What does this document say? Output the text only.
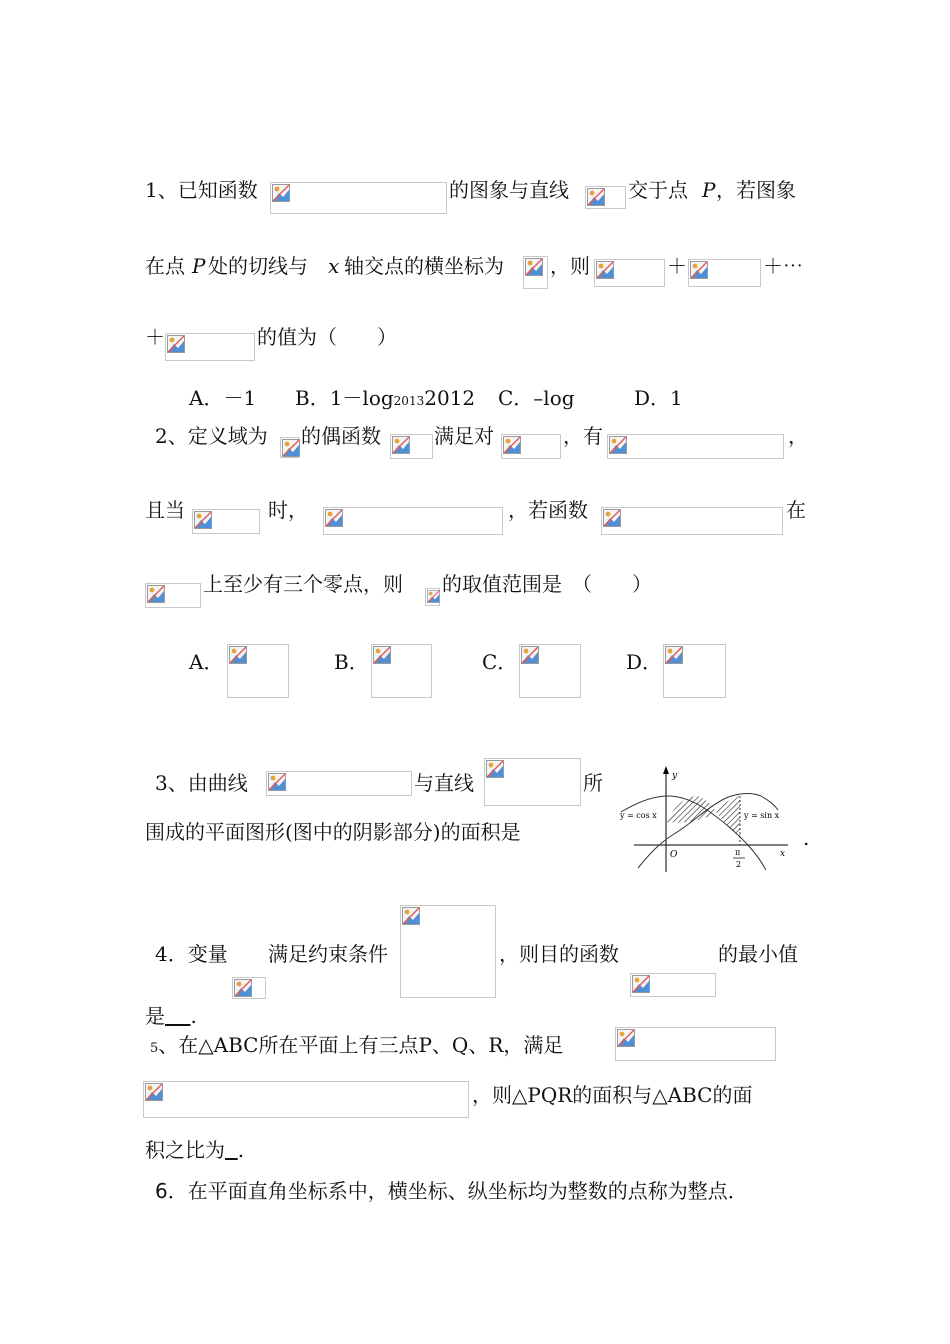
1、已知函数	的图象与直线	交于点 P ，若图象
在点 P 处的切线与 x 轴交点的横坐标为 ，则	＋	＋⋯
＋	的值为（　　）
A．－1 B．1－log20132012 C．–log	D．1
2、定义域为 的偶函数	满足对	，有	，
且当	时，	，若函数	在
上至少有三个零点，则 的取值范围是　（　　）
A．	B．	C．	D．
3、由曲线	与直线	所
围成的平面图形(图中的阴影部分)的面积是	.
y
x
O
y = cos x	y = sin x
π
2
4．变量 满足约束条件	，则目的函数	的最小值
是 .
5、在△ABC所在平面上有三点P、Q、R，满足
，则△PQR的面积与△ABC的面
积之比为 .
6．在平面直角坐标系中，横坐标、纵坐标均为整数的点称为整点．
